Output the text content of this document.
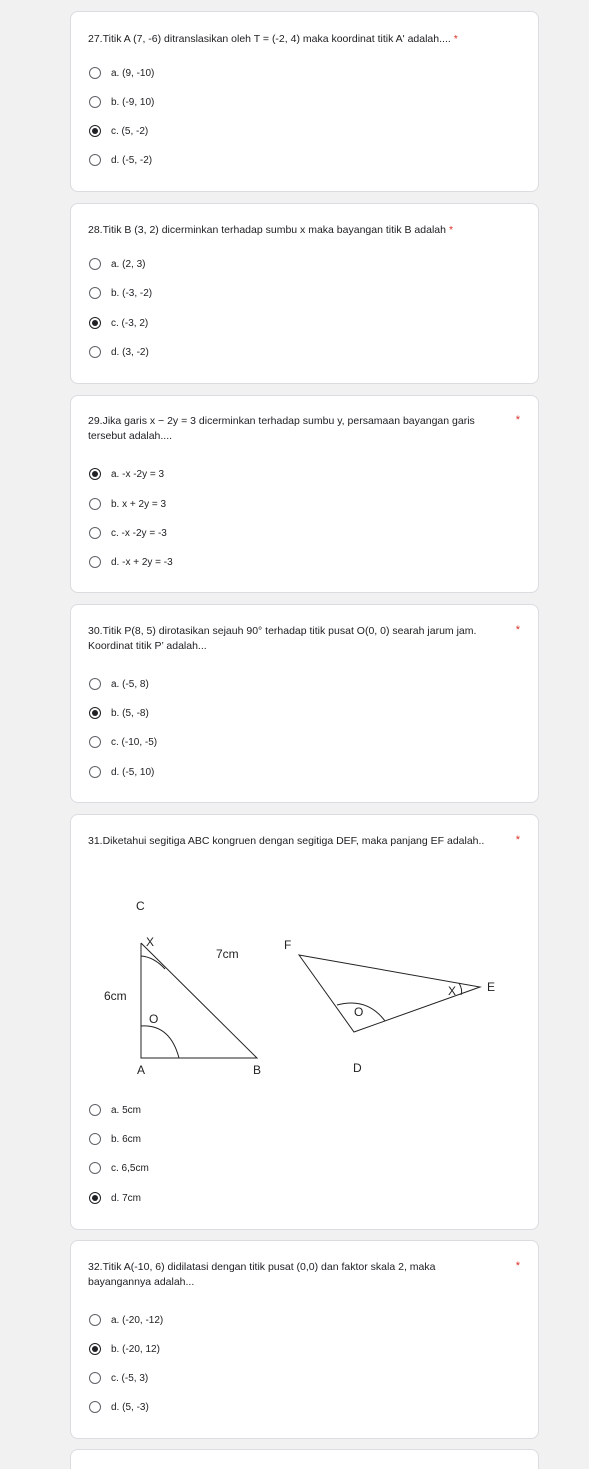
27.Titik A (7, -6) ditranslasikan oleh T = (-2, 4) maka koordinat titik A' adalah.... *
a. (9, -10)
b. (-9, 10)
c. (5, -2)
d. (-5, -2)
28.Titik B (3, 2) dicerminkan terhadap sumbu x maka bayangan titik B adalah *
a. (2, 3)
b. (-3, -2)
c. (-3, 2)
d. (3, -2)
29.Jika garis x − 2y = 3 dicerminkan terhadap sumbu y, persamaan bayangan garis tersebut adalah....
*
a. -x -2y = 3
b. x + 2y = 3
c. -x -2y = -3
d. -x + 2y = -3
30.Titik P(8, 5) dirotasikan sejauh 90° terhadap titik pusat O(0, 0) searah jarum jam. Koordinat titik P’ adalah...
*
a. (-5, 8)
b. (5, -8)
c. (-10, -5)
d. (-5, 10)
31.Diketahui segitiga ABC kongruen dengan segitiga DEF, maka panjang EF adalah..	*
C
X
6cm
7cm
O
A	B
F
X	E
O
D
a. 5cm
b. 6cm
c. 6,5cm
d. 7cm
32.Titik A(-10, 6) didilatasi dengan titik pusat (0,0) dan faktor skala 2, maka bayangannya adalah...
*
a. (-20, -12)
b. (-20, 12)
c. (-5, 3)
d. (5, -3)
